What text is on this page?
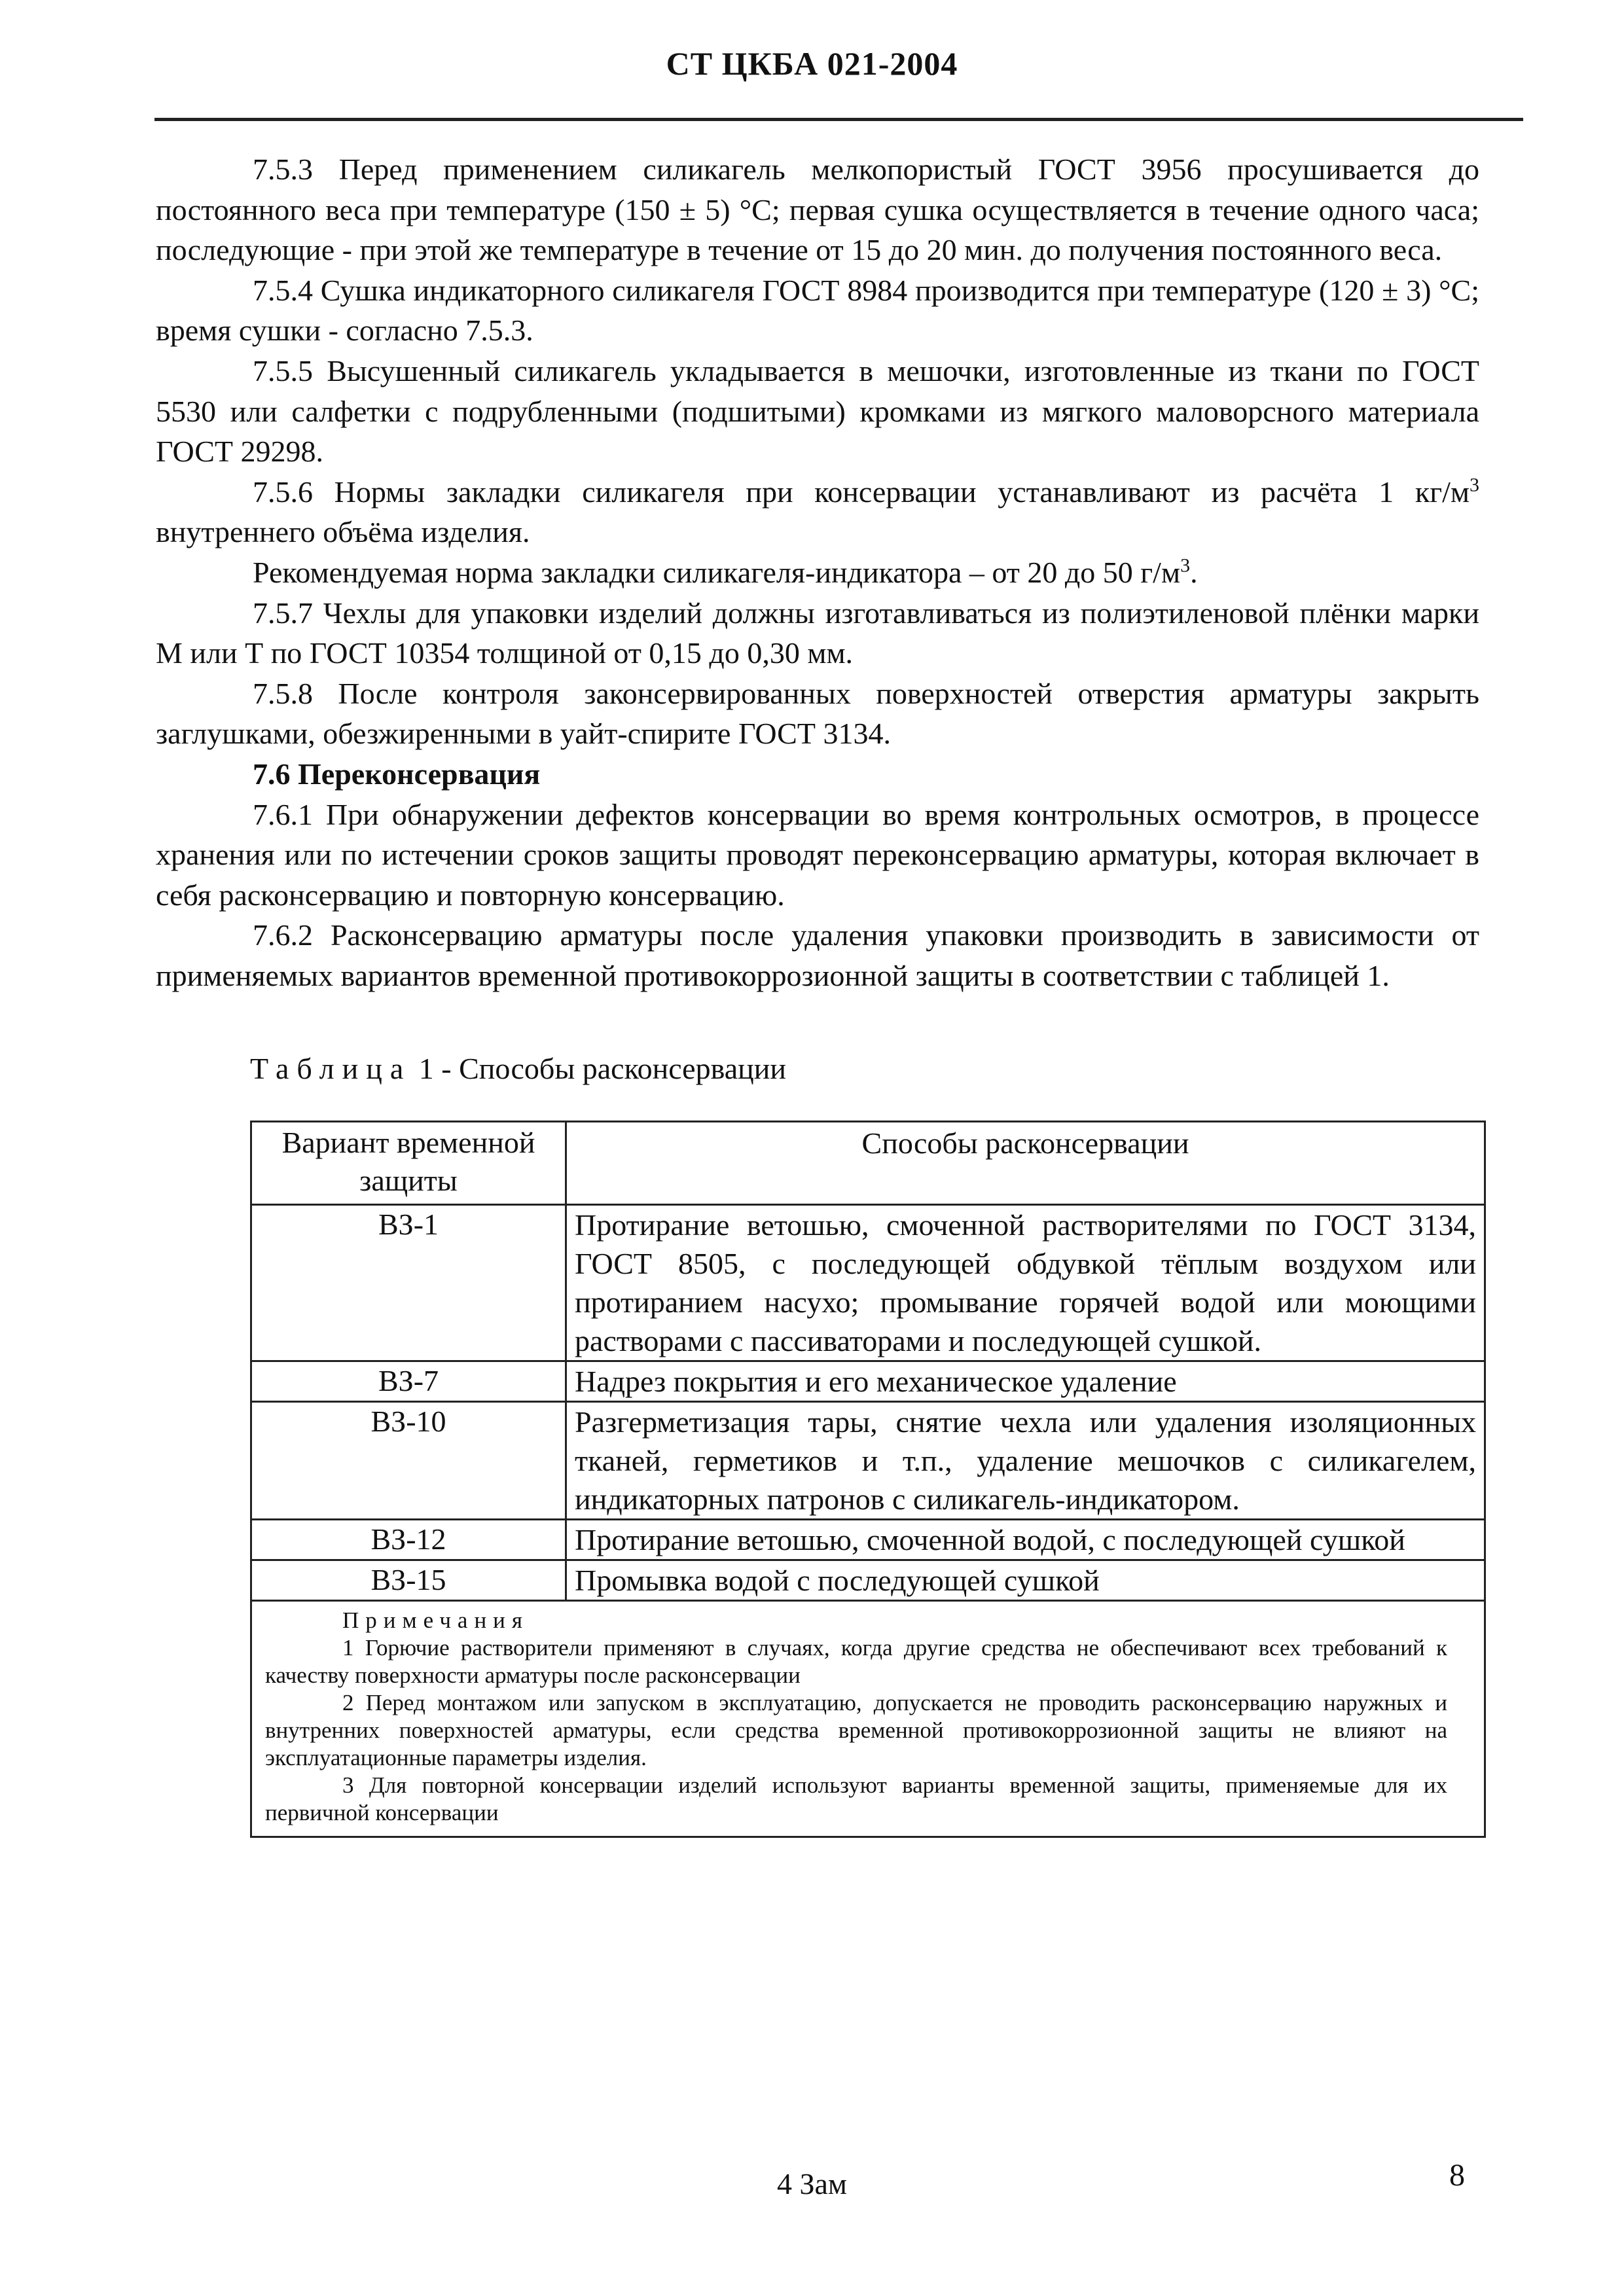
СТ ЦКБА 021-2004

7.5.3 Перед применением силикагель мелкопористый ГОСТ 3956 просушивается до постоянного веса при температуре (150 ± 5) °С; первая сушка осуществляется в течение одного часа; последующие - при этой же температуре в течение от 15 до 20 мин. до получения постоянного веса.

7.5.4 Сушка индикаторного силикагеля ГОСТ 8984 производится при температуре (120 ± 3) °С; время сушки - согласно 7.5.3.

7.5.5 Высушенный силикагель укладывается в мешочки, изготовленные из ткани по ГОСТ 5530 или салфетки с подрубленными (подшитыми) кромками из мягкого маловорсного материала ГОСТ 29298.

7.5.6 Нормы закладки силикагеля при консервации устанавливают из расчёта 1 $кг/м^3$ внутреннего объёма изделия.

Рекомендуемая норма закладки силикагеля-индикатора – от 20 до 50 $г/м^3$.

7.5.7 Чехлы для упаковки изделий должны изготавливаться из полиэтиленовой плёнки марки М или Т по ГОСТ 10354 толщиной от 0,15 до 0,30 мм.

7.5.8 После контроля законсервированных поверхностей отверстия арматуры закрыть заглушками, обезжиренными в уайт-спирите ГОСТ 3134.

7.6 Переконсервация

7.6.1 При обнаружении дефектов консервации во время контрольных осмотров, в процессе хранения или по истечении сроков защиты проводят переконсервацию арматуры, которая включает в себя расконсервацию и повторную консервацию.

7.6.2 Расконсервацию арматуры после удаления упаковки производить в зависимости от применяемых вариантов временной противокоррозионной защиты в соответствии с таблицей 1.

Таблица 1 - Способы расконсервации
Вариант временной защиты	Способы расконсервации
ВЗ-1	Протирание ветошью, смоченной растворителями по ГОСТ 3134, ГОСТ 8505, с последующей обдувкой тёплым воздухом или протиранием насухо; промывание горячей водой или моющими растворами с пассиваторами и последующей сушкой.
ВЗ-7	Надрез покрытия и его механическое удаление
ВЗ-10	Разгерметизация тары, снятие чехла или удаления изоляционных тканей, герметиков и т.п., удаление мешочков с силикагелем, индикаторных патронов с силикагель-индикатором.
ВЗ-12	Протирание ветошью, смоченной водой, с последующей сушкой
ВЗ-15	Промывка водой с последующей сушкой

Примечания

1 Горючие растворители применяют в случаях, когда другие средства не обеспечивают всех требований к качеству поверхности арматуры после расконсервации

2 Перед монтажом или запуском в эксплуатацию, допускается не проводить расконсервацию наружных и внутренних поверхностей арматуры, если средства временной противокоррозионной защиты не влияют на эксплуатационные параметры изделия.

3 Для повторной консервации изделий используют варианты временной защиты, применяемые для их первичной консервации	

4 Зам	8
